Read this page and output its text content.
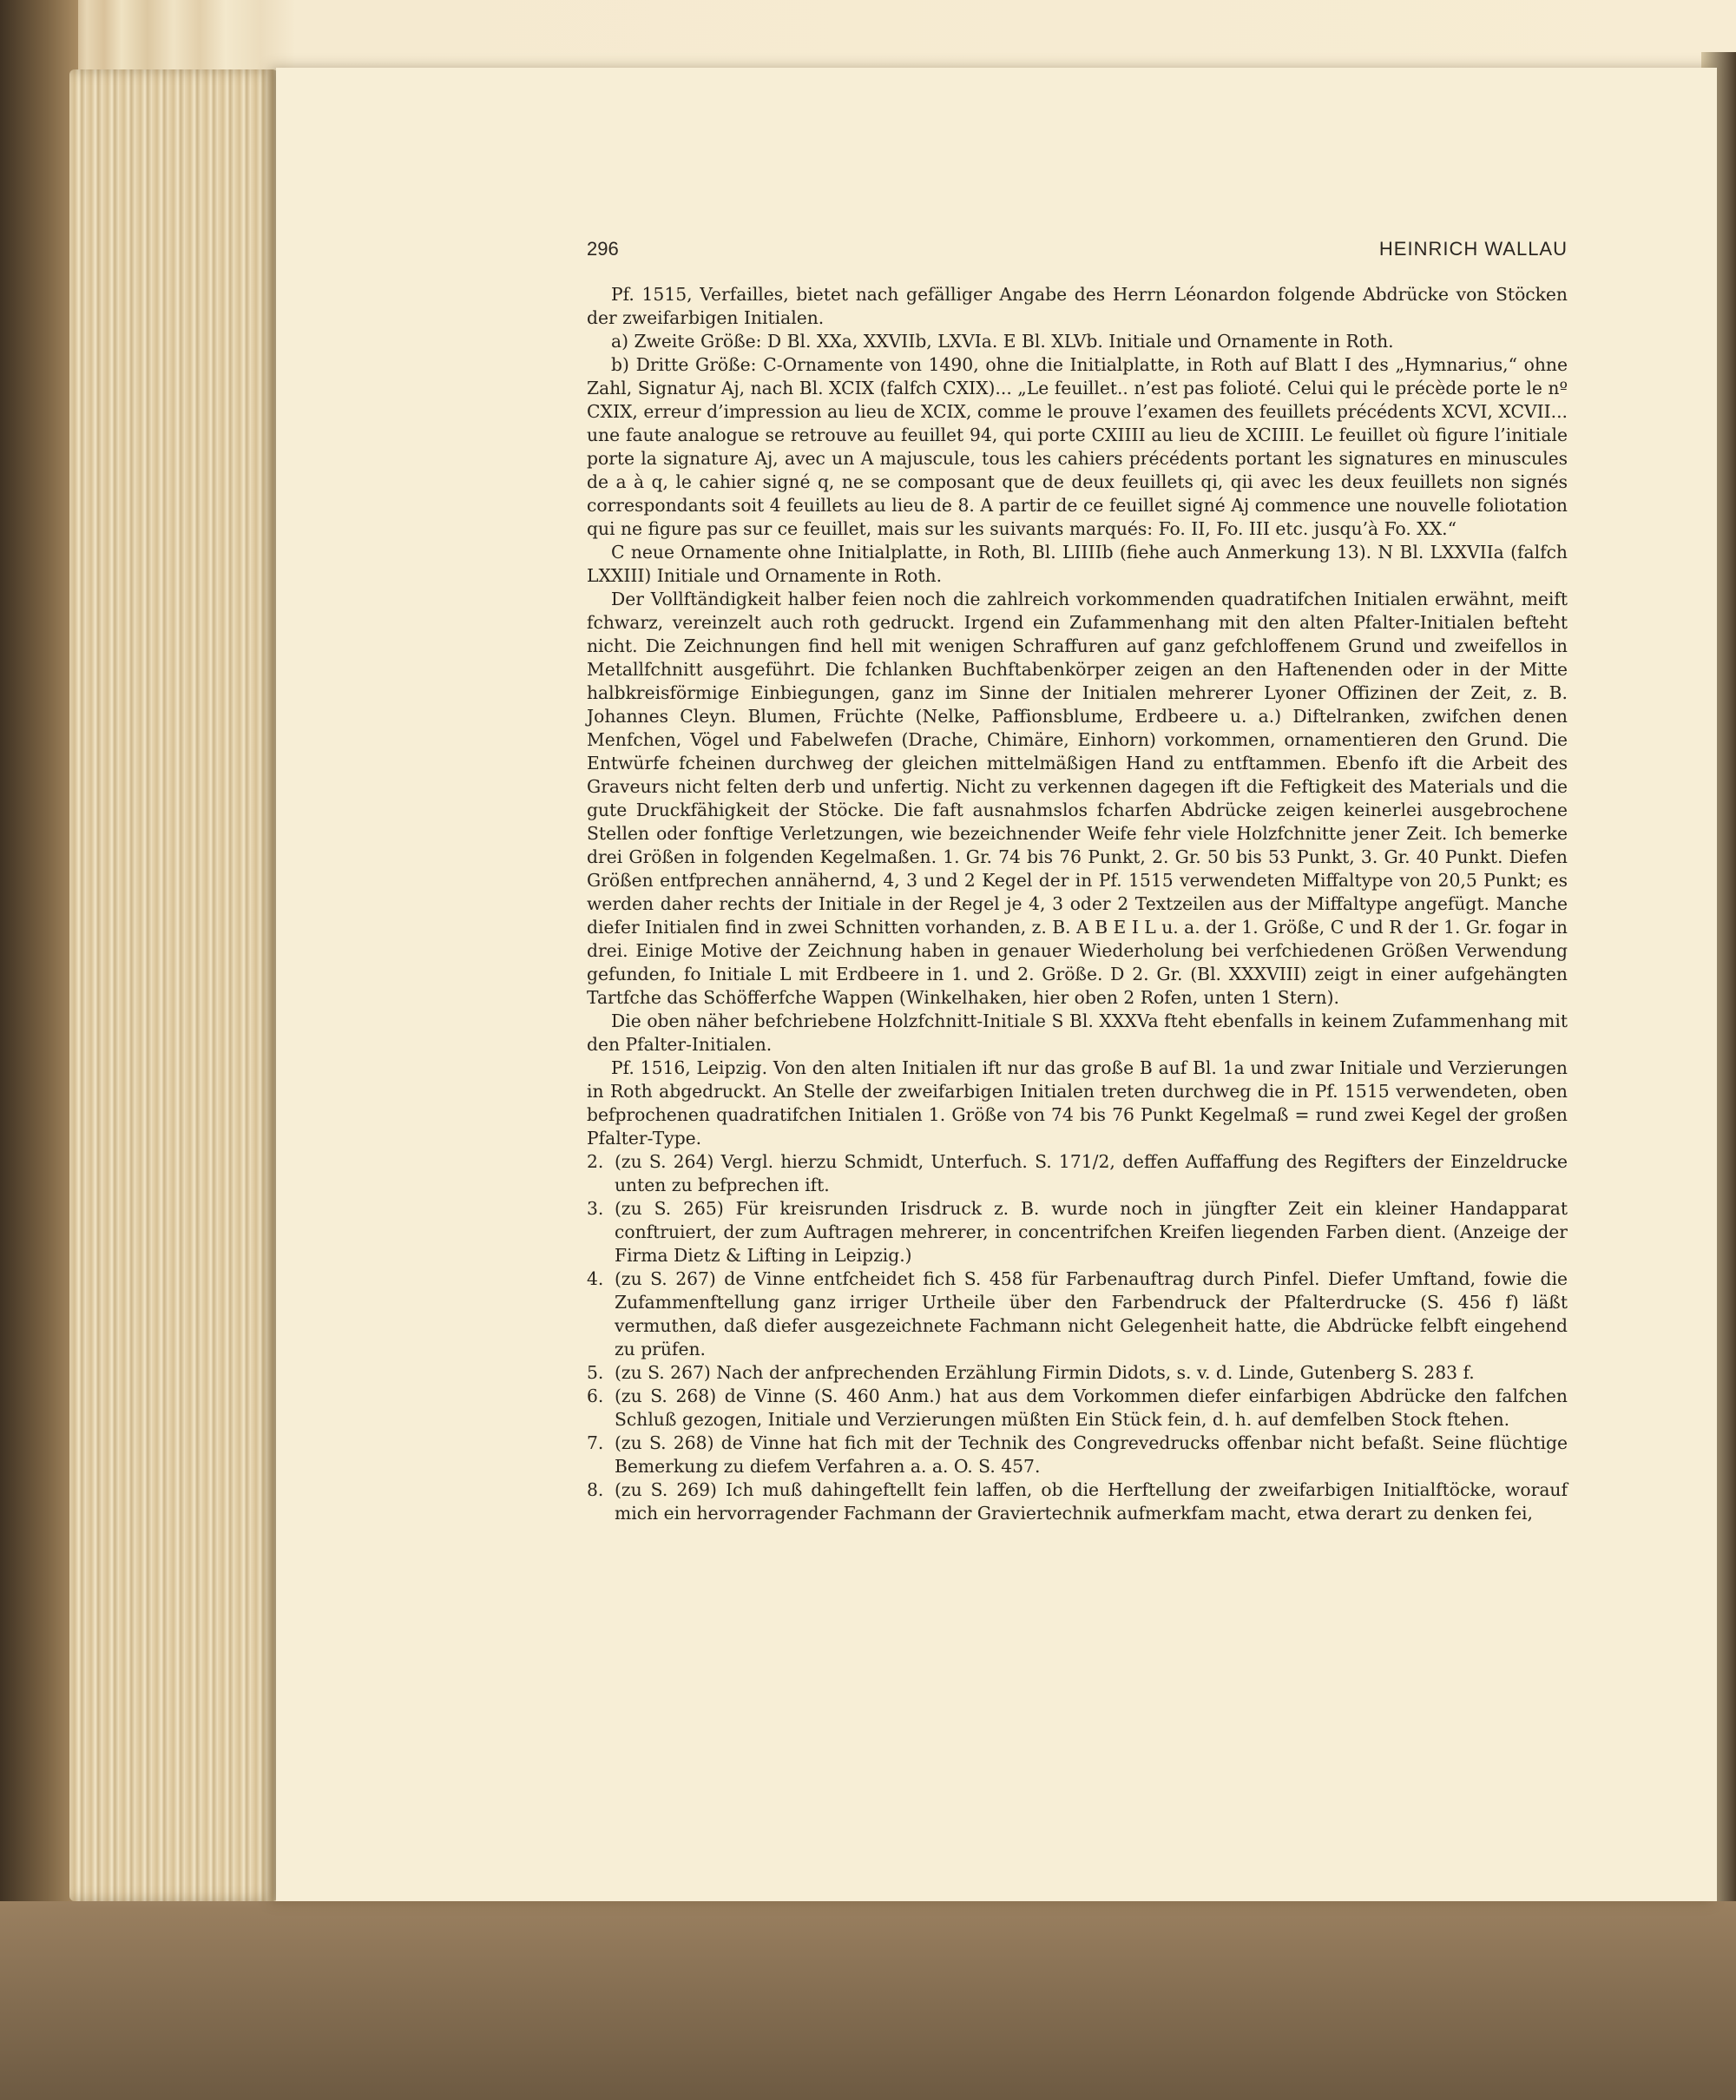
296	HEINRICH WALLAU

Pf. 1515, Verfailles, bietet nach gefälliger Angabe des Herrn Léonardon folgende Abdrücke von Stöcken der zweifarbigen Initialen.

a) Zweite Größe: D Bl. XXa, XXVIIb, LXVIa. E Bl. XLVb. Initiale und Ornamente in Roth.

b) Dritte Größe: C-Ornamente von 1490, ohne die Initialplatte, in Roth auf Blatt I des „Hymnarius,“ ohne Zahl, Signatur Aj, nach Bl. XCIX (falfch CXIX)... „Le feuillet.. n’est pas folioté. Celui qui le précède porte le nº CXIX, erreur d’impression au lieu de XCIX, comme le prouve l’examen des feuillets précédents XCVI, XCVII... une faute analogue se retrouve au feuillet 94, qui porte CXIIII au lieu de XCIIII. Le feuillet où figure l’initiale porte la signature Aj, avec un A majuscule, tous les cahiers précédents portant les signatures en minuscules de a à q, le cahier signé q, ne se composant que de deux feuillets qi, qii avec les deux feuillets non signés correspondants soit 4 feuillets au lieu de 8. A partir de ce feuillet signé Aj commence une nouvelle foliotation qui ne figure pas sur ce feuillet, mais sur les suivants marqués: Fo. II, Fo. III etc. jusqu’à Fo. XX.“

C neue Ornamente ohne Initialplatte, in Roth, Bl. LIIIIb (fiehe auch Anmerkung 13). N Bl. LXXVIIa (falfch LXXIII) Initiale und Ornamente in Roth.

Der Vollftändigkeit halber feien noch die zahlreich vorkommenden quadratifchen Initialen erwähnt, meift fchwarz, vereinzelt auch roth gedruckt. Irgend ein Zufammenhang mit den alten Pfalter-Initialen befteht nicht. Die Zeichnungen find hell mit wenigen Schraffuren auf ganz gefchloffenem Grund und zweifellos in Metallfchnitt ausgeführt. Die fchlanken Buchftabenkörper zeigen an den Haftenenden oder in der Mitte halbkreisförmige Einbiegungen, ganz im Sinne der Initialen mehrerer Lyoner Offizinen der Zeit, z. B. Johannes Cleyn. Blumen, Früchte (Nelke, Paffionsblume, Erdbeere u. a.) Diftelranken, zwifchen denen Menfchen, Vögel und Fabelwefen (Drache, Chimäre, Einhorn) vorkommen, ornamentieren den Grund. Die Entwürfe fcheinen durchweg der gleichen mittelmäßigen Hand zu entftammen. Ebenfo ift die Arbeit des Graveurs nicht felten derb und unfertig. Nicht zu verkennen dagegen ift die Feftigkeit des Materials und die gute Druckfähigkeit der Stöcke. Die faft ausnahmslos fcharfen Abdrücke zeigen keinerlei ausgebrochene Stellen oder fonftige Verletzungen, wie bezeichnender Weife fehr viele Holzfchnitte jener Zeit. Ich bemerke drei Größen in folgenden Kegelmaßen. 1. Gr. 74 bis 76 Punkt, 2. Gr. 50 bis 53 Punkt, 3. Gr. 40 Punkt. Diefen Größen entfprechen annähernd, 4, 3 und 2 Kegel der in Pf. 1515 verwendeten Miffaltype von 20,5 Punkt; es werden daher rechts der Initiale in der Regel je 4, 3 oder 2 Textzeilen aus der Miffaltype angefügt. Manche diefer Initialen find in zwei Schnitten vorhanden, z. B. A B E I L u. a. der 1. Größe, C und R der 1. Gr. fogar in drei. Einige Motive der Zeichnung haben in genauer Wiederholung bei verfchiedenen Größen Verwendung gefunden, fo Initiale L mit Erdbeere in 1. und 2. Größe. D 2. Gr. (Bl. XXXVIII) zeigt in einer aufgehängten Tartfche das Schöfferfche Wappen (Winkelhaken, hier oben 2 Rofen, unten 1 Stern).

Die oben näher befchriebene Holzfchnitt-Initiale S Bl. XXXVa fteht ebenfalls in keinem Zufammenhang mit den Pfalter-Initialen.

Pf. 1516, Leipzig. Von den alten Initialen ift nur das große B auf Bl. 1a und zwar Initiale und Verzierungen in Roth abgedruckt. An Stelle der zweifarbigen Initialen treten durchweg die in Pf. 1515 verwendeten, oben befprochenen quadratifchen Initialen 1. Größe von 74 bis 76 Punkt Kegelmaß = rund zwei Kegel der großen Pfalter-Type.

2. (zu S. 264) Vergl. hierzu Schmidt, Unterfuch. S. 171/2, deffen Auffaffung des Regifters der Einzeldrucke unten zu befprechen ift.
3. (zu S. 265) Für kreisrunden Irisdruck z. B. wurde noch in jüngfter Zeit ein kleiner Handapparat conftruiert, der zum Auftragen mehrerer, in concentrifchen Kreifen liegenden Farben dient. (Anzeige der Firma Dietz & Lifting in Leipzig.)
4. (zu S. 267) de Vinne entfcheidet fich S. 458 für Farbenauftrag durch Pinfel. Diefer Umftand, fowie die Zufammenftellung ganz irriger Urtheile über den Farbendruck der Pfalterdrucke (S. 456 f) läßt vermuthen, daß diefer ausgezeichnete Fachmann nicht Gelegenheit hatte, die Abdrücke felbft eingehend zu prüfen.
5. (zu S. 267) Nach der anfprechenden Erzählung Firmin Didots, s. v. d. Linde, Gutenberg S. 283 f.
6. (zu S. 268) de Vinne (S. 460 Anm.) hat aus dem Vorkommen diefer einfarbigen Abdrücke den falfchen Schluß gezogen, Initiale und Verzierungen müßten Ein Stück fein, d. h. auf demfelben Stock ftehen.
7. (zu S. 268) de Vinne hat fich mit der Technik des Congrevedrucks offenbar nicht befaßt. Seine flüchtige Bemerkung zu diefem Verfahren a. a. O. S. 457.
8. (zu S. 269) Ich muß dahingeftellt fein laffen, ob die Herftellung der zweifarbigen Initialftöcke, worauf mich ein hervorragender Fachmann der Graviertechnik aufmerkfam macht, etwa derart zu denken fei,
